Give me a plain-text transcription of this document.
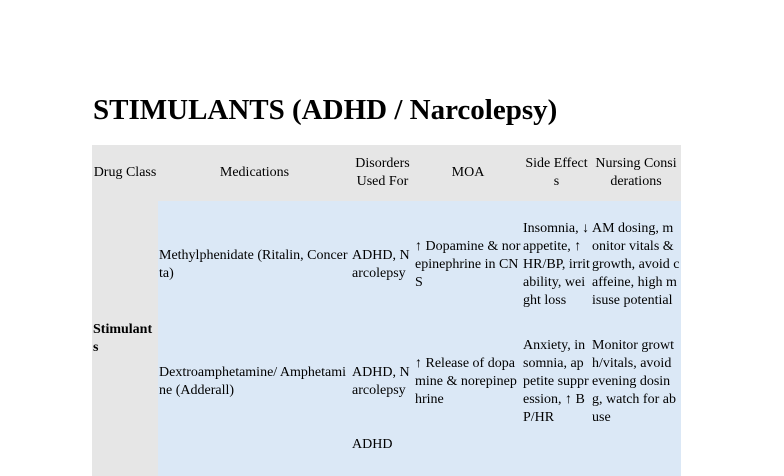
STIMULANTS (ADHD / Narcolepsy)
Drug Class	Medications	Disorders Used For	MOA	Side Effects	Nursing Considerations
Stimulants	Methylphenidate (Ritalin, Concerta)	ADHD, Narcolepsy	↑ Dopamine & norepinephrine in CNS	Insomnia, ↓ appetite, ↑ HR/BP, irritability, weight loss	AM dosing, monitor vitals & growth, avoid caffeine, high misuse potential
	Dextroamphetamine/ Amphetamine (Adderall)	ADHD, Narcolepsy	↑ Release of dopamine & norepinephrine	Anxiety, insomnia, appetite suppression, ↑ BP/HR	Monitor growth/vitals, avoid evening dosing, watch for abuse
		ADHD			
